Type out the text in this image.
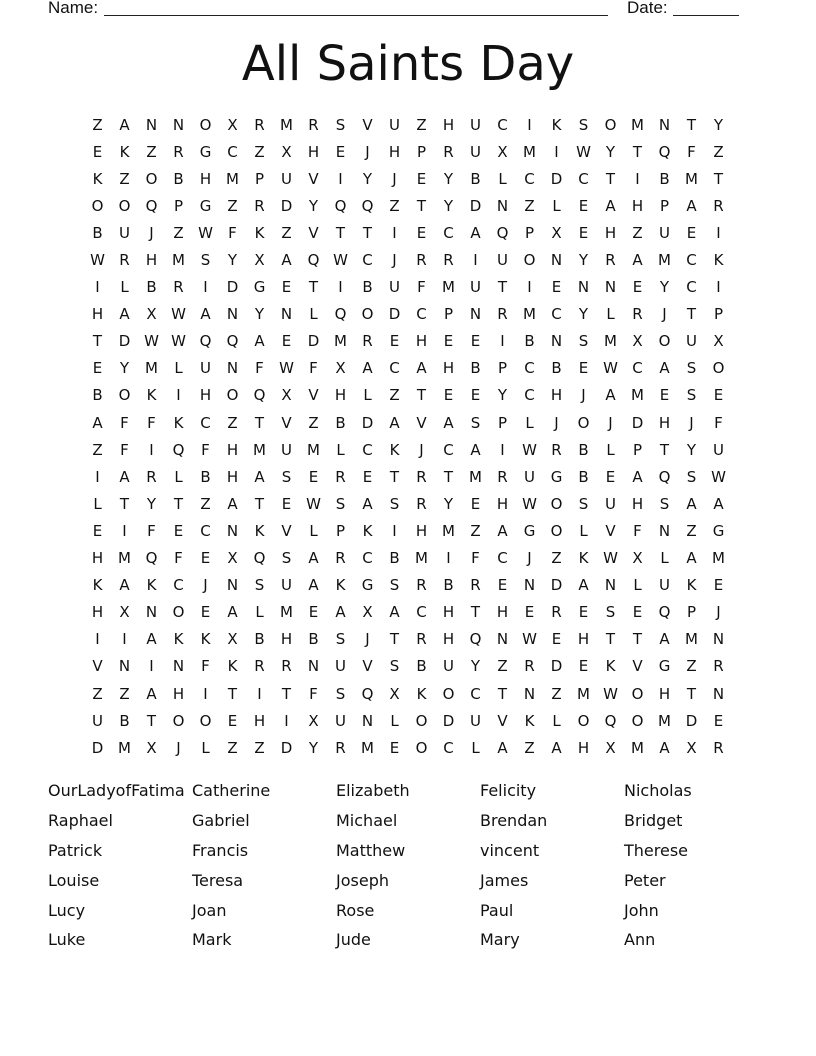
Name:	Date:
All Saints Day
Z	A	N	N	O	X	R	M	R	S	V	U	Z	H	U	C	I	K	S	O M N	T	Y
E	K	Z	R	G	C	Z	X	H	E	J	H	P	R	U	X	M	I	W Y	T	Q	F	Z
K	Z	O	B	H M	P	U	V	I	Y	J	E	Y	B	L	C	D	C	T	I	B	M	T
O	O	Q	P	G	Z	R	D	Y	Q	Q	Z	T	Y	D	N	Z	L	E	A	H	P	A	R
B	U	J	Z W	F	K	Z	V	T	T	I	E	C	A	Q	P	X	E	H	Z	U	E	I
W R	H M	S	Y	X	A	Q W C	J	R	R	I	U	O	N	Y	R	A	M	C	K
I	L	B	R	I	D	G	E	T	I	B	U	F	M	U	T	I	E	N	N	E	Y	C	I
H	A	X W A	N	Y	N	L	Q	O	D	C	P	N	R	M	C	Y	L	R	J	T	P
T	D W W Q	Q	A	E	D M	R	E	H	E	E	I	B	N	S	M	X	O	U	X
E	Y	M	L	U	N	F	W	F	X	A	C	A	H	B	P	C	B	E W C	A	S	O
B	O	K	I	H	O	Q	X	V	H	L	Z	T	E	E	Y	C	H	J	A	M	E	S	E
A	F	F	K	C	Z	T	V	Z	B	D	A	V	A	S	P	L	J	O	J	D	H	J	F
Z	F	I	Q	F	H M	U	M	L	C	K	J	C	A	I	W R	B	L	P	T	Y	U
I	A	R	L	B	H	A	S	E	R	E	T	R	T	M	R	U	G	B	E	A	Q	S W
L	T	Y	T	Z	A	T	E W S	A	S	R	Y	E	H W O	S	U	H	S	A	A
E	I	F	E	C	N	K	V	L	P	K	I	H M	Z	A	G	O	L	V	F	N	Z	G
H M Q	F	E	X	Q	S	A	R	C	B	M	I	F	C	J	Z	K W X	L	A	M
K	A	K	C	J	N	S	U	A	K	G	S	R	B	R	E	N	D	A	N	L	U	K	E
H	X	N	O	E	A	L	M	E	A	X	A	C	H	T	H	E	R	E	S	E	Q	P	J
I	I	A	K	K	X	B	H	B	S	J	T	R	H	Q	N W E	H	T	T	A	M N
V	N	I	N	F	K	R	R	N	U	V	S	B	U	Y	Z	R	D	E	K	V	G	Z	R
Z	Z	A	H	I	T	I	T	F	S	Q	X	K	O	C	T	N	Z	M W O	H	T	N
U	B	T	O	O	E	H	I	X	U	N	L	O	D	U	V	K	L	O	Q	O M D	E
D M	X	J	L	Z	Z	D	Y	R	M	E	O	C	L	A	Z	A	H	X	M	A	X	R
OurLadyofFatima Catherine	Elizabeth	Felicity	Nicholas
Raphael	Gabriel	Michael	Brendan	Bridget
Patrick	Francis	Matthew	vincent	Therese
Louise	Teresa	Joseph	James	Peter
Lucy	Joan	Rose	Paul	John
Luke	Mark	Jude	Mary	Ann
